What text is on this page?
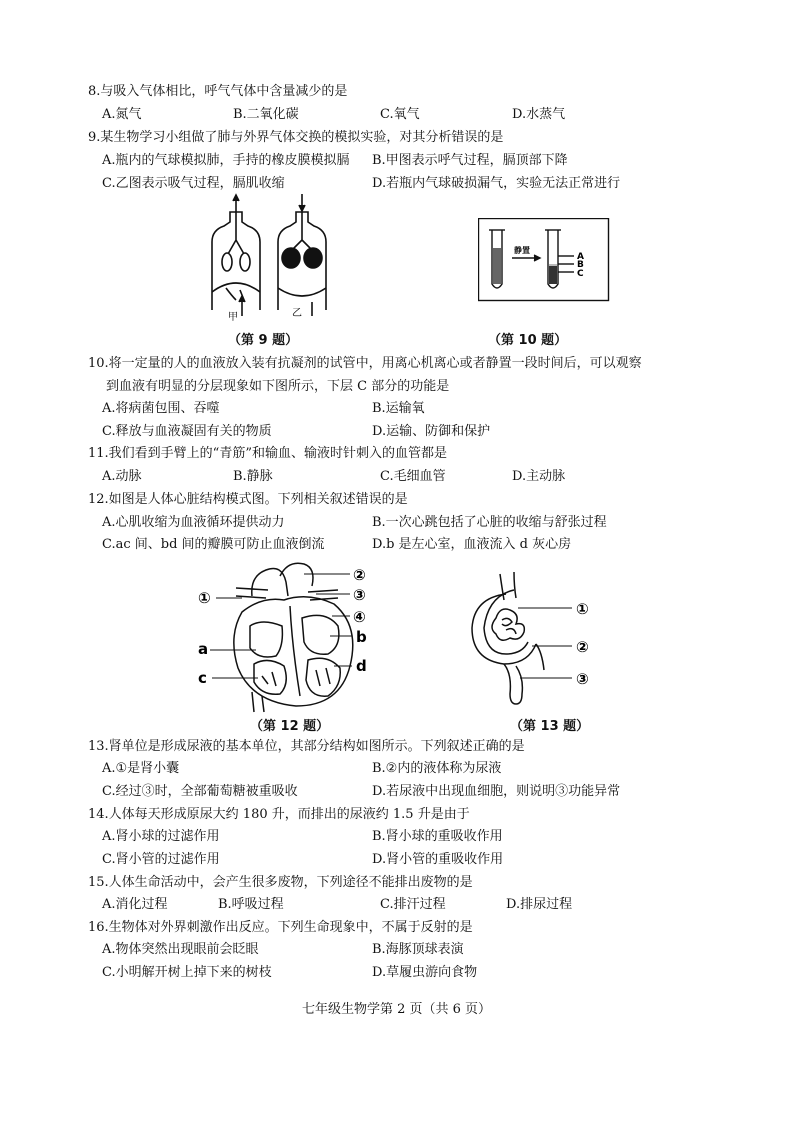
8.与吸入气体相比，呼气气体中含量减少的是
A.氮气	B.二氧化碳	C.氧气	D.水蒸气
9.某生物学习小组做了肺与外界气体交换的模拟实验，对其分析错误的是
A.瓶内的气球模拟肺，手持的橡皮膜模拟膈 B.甲图表示呼气过程，膈顶部下降
C.乙图表示吸气过程，膈肌收缩	D.若瓶内气球破损漏气，实验无法正常进行
甲	乙
（第 9 题）
静置
A
B
C
（第 10 题）
10.将一定量的人的血液放入装有抗凝剂的试管中，用离心机离心或者静置一段时间后，可以观察
到血液有明显的分层现象如下图所示，下层 C 部分的功能是
A.将病菌包围、吞噬	B.运输氧
C.释放与血液凝固有关的物质	D.运输、防御和保护
11.我们看到手臂上的“青筋”和输血、输液时针刺入的血管都是
A.动脉	B.静脉	C.毛细血管	D.主动脉
12.如图是人体心脏结构模式图。下列相关叙述错误的是
A.心肌收缩为血液循环提供动力	B.一次心跳包括了心脏的收缩与舒张过程
C.ac 间、bd 间的瓣膜可防止血液倒流	D.b 是左心室，血液流入 d 灰心房
①
②
③
④
a
b
c
d
（第 12 题）
①
②
③
（第 13 题）
13.肾单位是形成尿液的基本单位，其部分结构如图所示。下列叙述正确的是
A.①是肾小囊	B.②内的液体称为尿液
C.经过③时，全部葡萄糖被重吸收	D.若尿液中出现血细胞，则说明③功能异常
14.人体每天形成原尿大约 180 升，而排出的尿液约 1.5 升是由于
A.肾小球的过滤作用	B.肾小球的重吸收作用
C.肾小管的过滤作用	D.肾小管的重吸收作用
15.人体生命活动中，会产生很多废物，下列途径不能排出废物的是
A.消化过程	B.呼吸过程	C.排汗过程	D.排尿过程
16.生物体对外界刺激作出反应。下列生命现象中，不属于反射的是
A.物体突然出现眼前会眨眼	B.海豚顶球表演
C.小明解开树上掉下来的树枝	D.草履虫游向食物
七年级生物学第 2 页（共 6 页）
